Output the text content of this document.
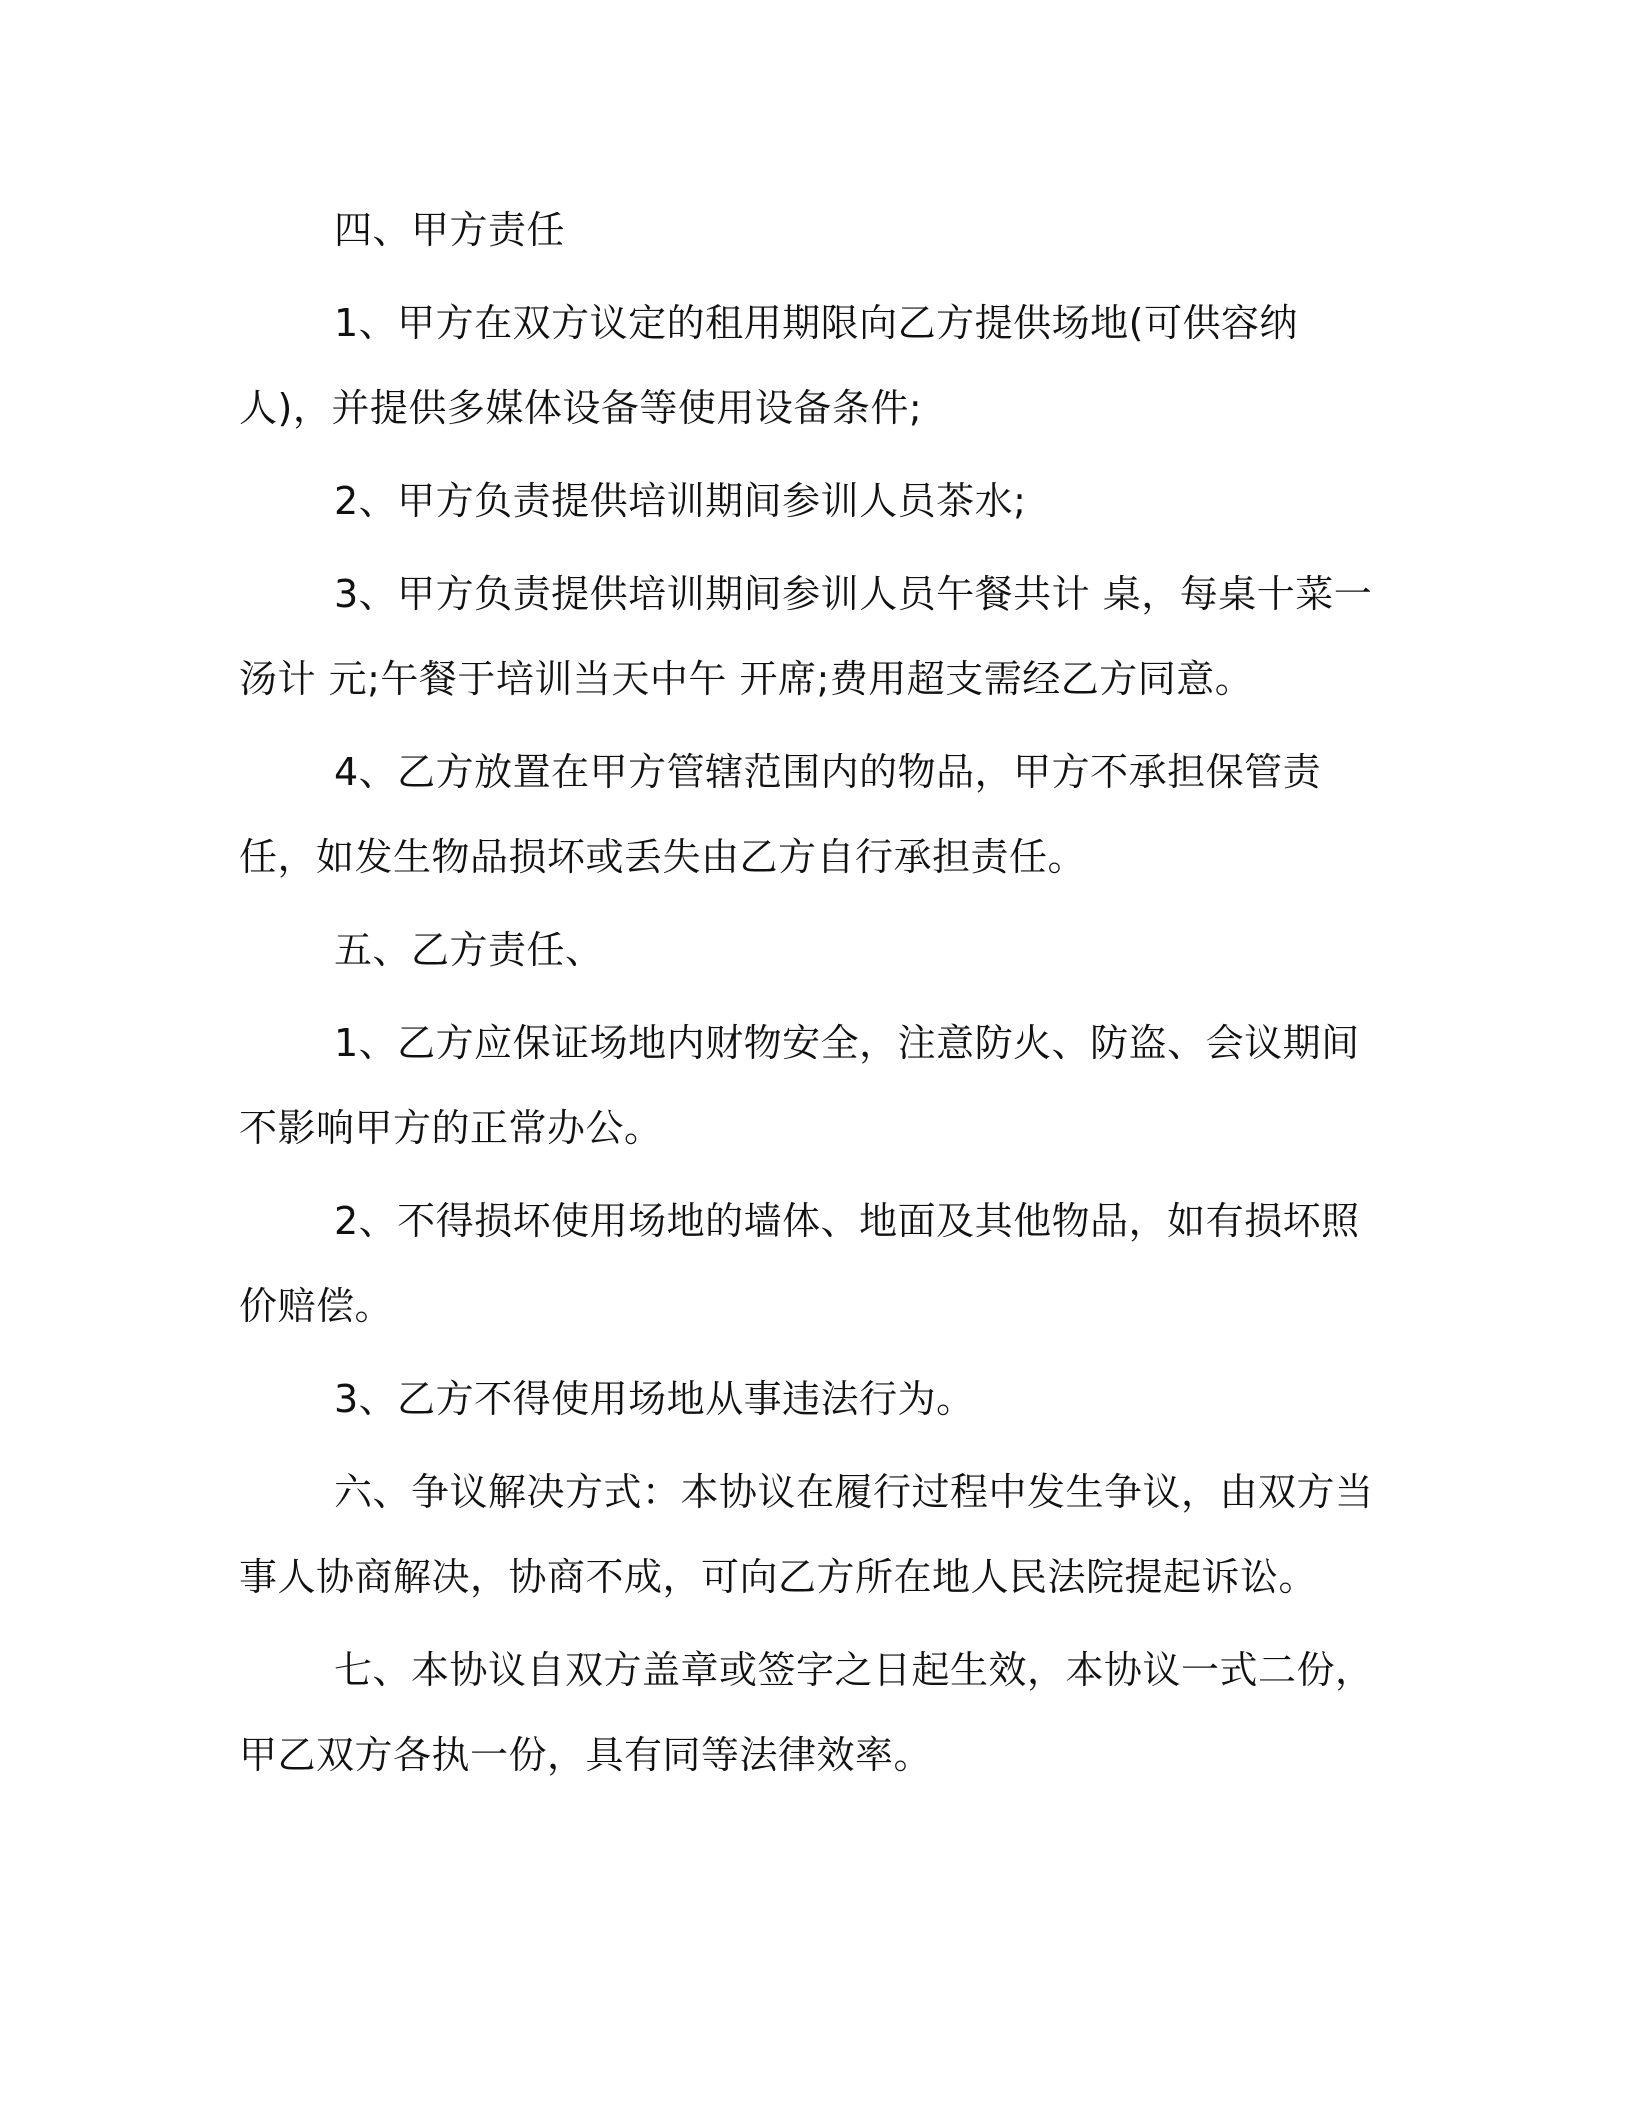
四、甲方责任

1、甲方在双方议定的租用期限向乙方提供场地(可供容纳人)，并提供多媒体设备等使用设备条件;

2、甲方负责提供培训期间参训人员茶水;

3、甲方负责提供培训期间参训人员午餐共计 桌，每桌十菜一汤计 元;午餐于培训当天中午 开席;费用超支需经乙方同意。

4、乙方放置在甲方管辖范围内的物品，甲方不承担保管责任，如发生物品损坏或丢失由乙方自行承担责任。

五、乙方责任、

1、乙方应保证场地内财物安全，注意防火、防盗、会议期间不影响甲方的正常办公。

2、不得损坏使用场地的墙体、地面及其他物品，如有损坏照价赔偿。

3、乙方不得使用场地从事违法行为。

六、争议解决方式：本协议在履行过程中发生争议，由双方当事人协商解决，协商不成，可向乙方所在地人民法院提起诉讼。

七、本协议自双方盖章或签字之日起生效，本协议一式二份，甲乙双方各执一份，具有同等法律效率。
